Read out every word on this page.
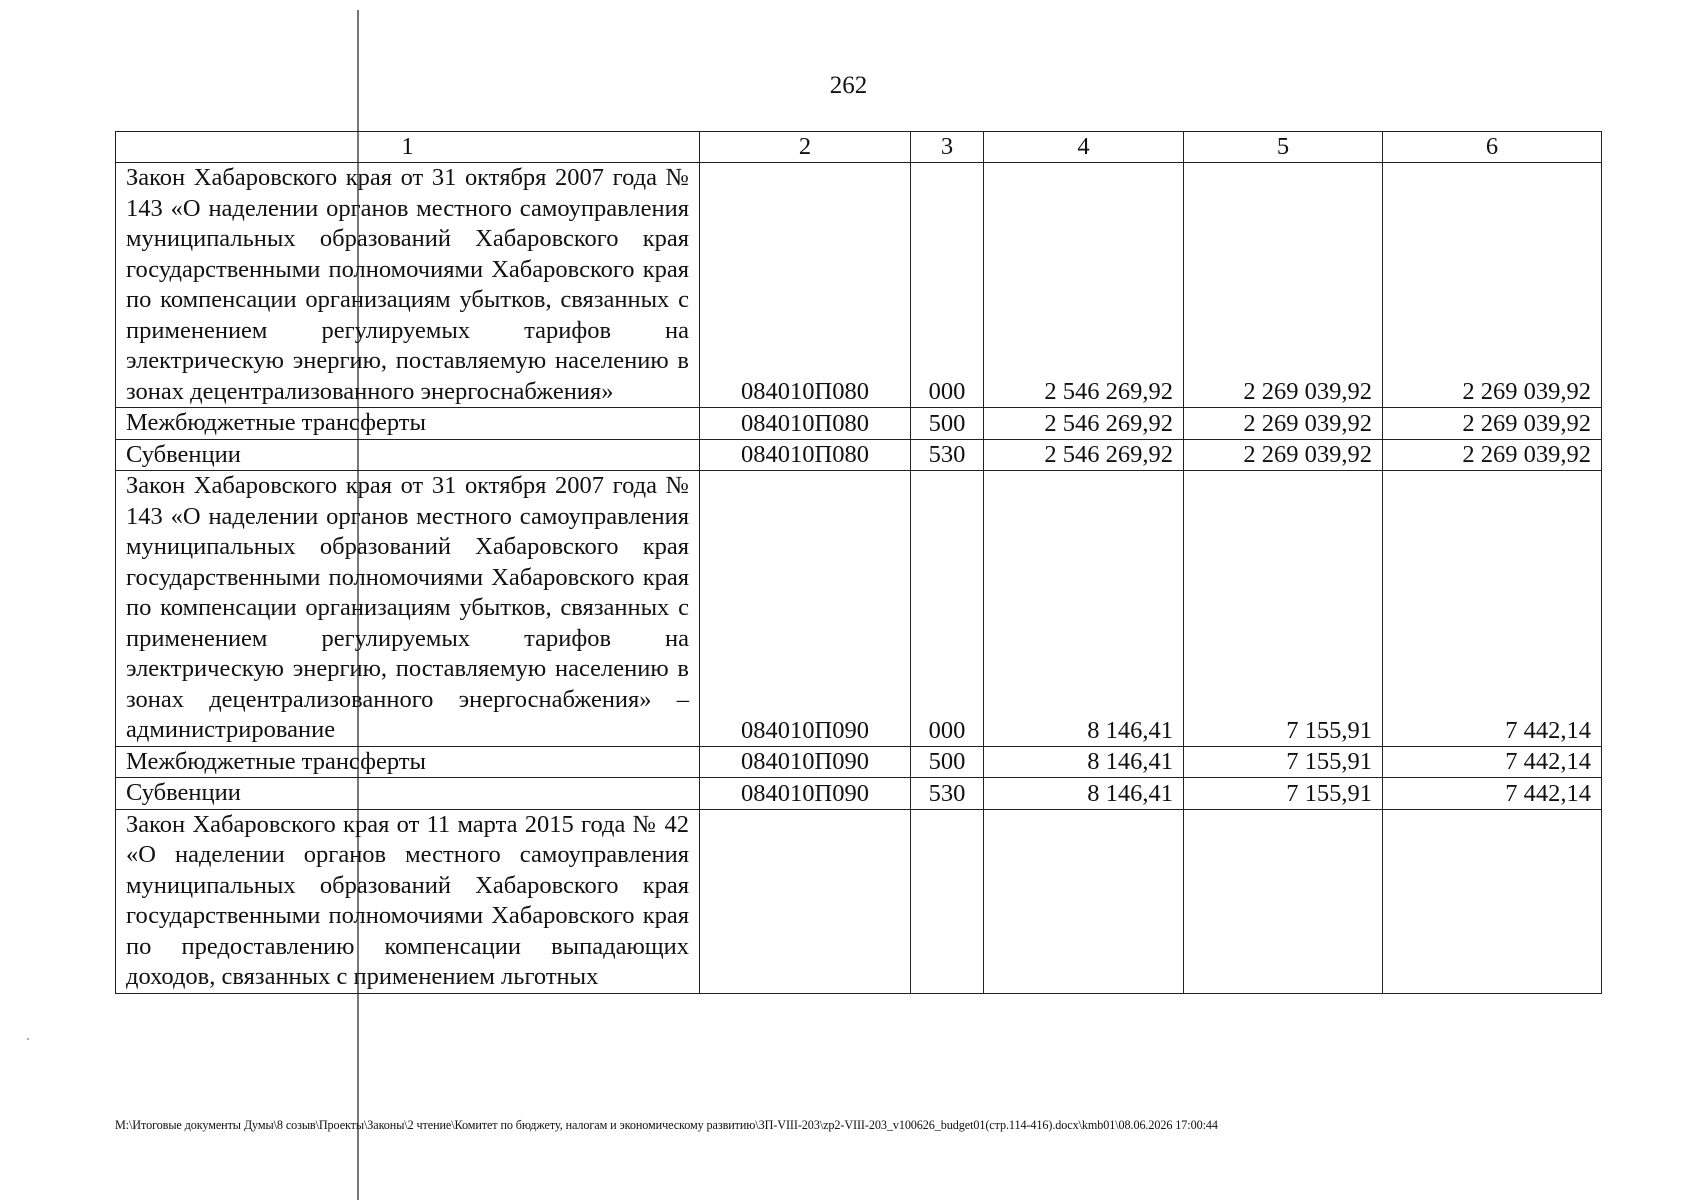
262
1	2	3	4	5	6
Закон Хабаровского края от 31 октября 2007 года № 143 «О наделении органов местного самоуправления муниципальных образований Хабаровского края государственными полномочиями Хабаровского края по компенсации организациям убытков, связанных с применением регулируемых тарифов на электрическую энергию, поставляемую населению в зонах децентрализованного энергоснабжения»	084010П080	000	2 546 269,92	2 269 039,92	2 269 039,92
Межбюджетные трансферты	084010П080	500	2 546 269,92	2 269 039,92	2 269 039,92
Субвенции	084010П080	530	2 546 269,92	2 269 039,92	2 269 039,92
Закон Хабаровского края от 31 октября 2007 года № 143 «О наделении органов местного самоуправления муниципальных образований Хабаровского края государственными полномочиями Хабаровского края по компенсации организациям убытков, связанных с применением регулируемых тарифов на электрическую энергию, поставляемую населению в зонах децентрализованного энергоснабжения» – администрирование	084010П090	000	8 146,41	7 155,91	7 442,14
Межбюджетные трансферты	084010П090	500	8 146,41	7 155,91	7 442,14
Субвенции	084010П090	530	8 146,41	7 155,91	7 442,14
Закон Хабаровского края от 11 марта 2015 года № 42 «О наделении органов местного самоуправления муниципальных образований Хабаровского края государственными полномочиями Хабаровского края по предоставлению компенсации выпадающих доходов, связанных с применением льготных					
М:\Итоговые документы Думы\8 созыв\Проекты\Законы\2 чтение\Комитет по бюджету, налогам и экономическому развитию\ЗП-VIII-203\zp2-VIII-203_v100626_budget01(стр.114-416).docx\kmb01\08.06.2026 17:00:44
